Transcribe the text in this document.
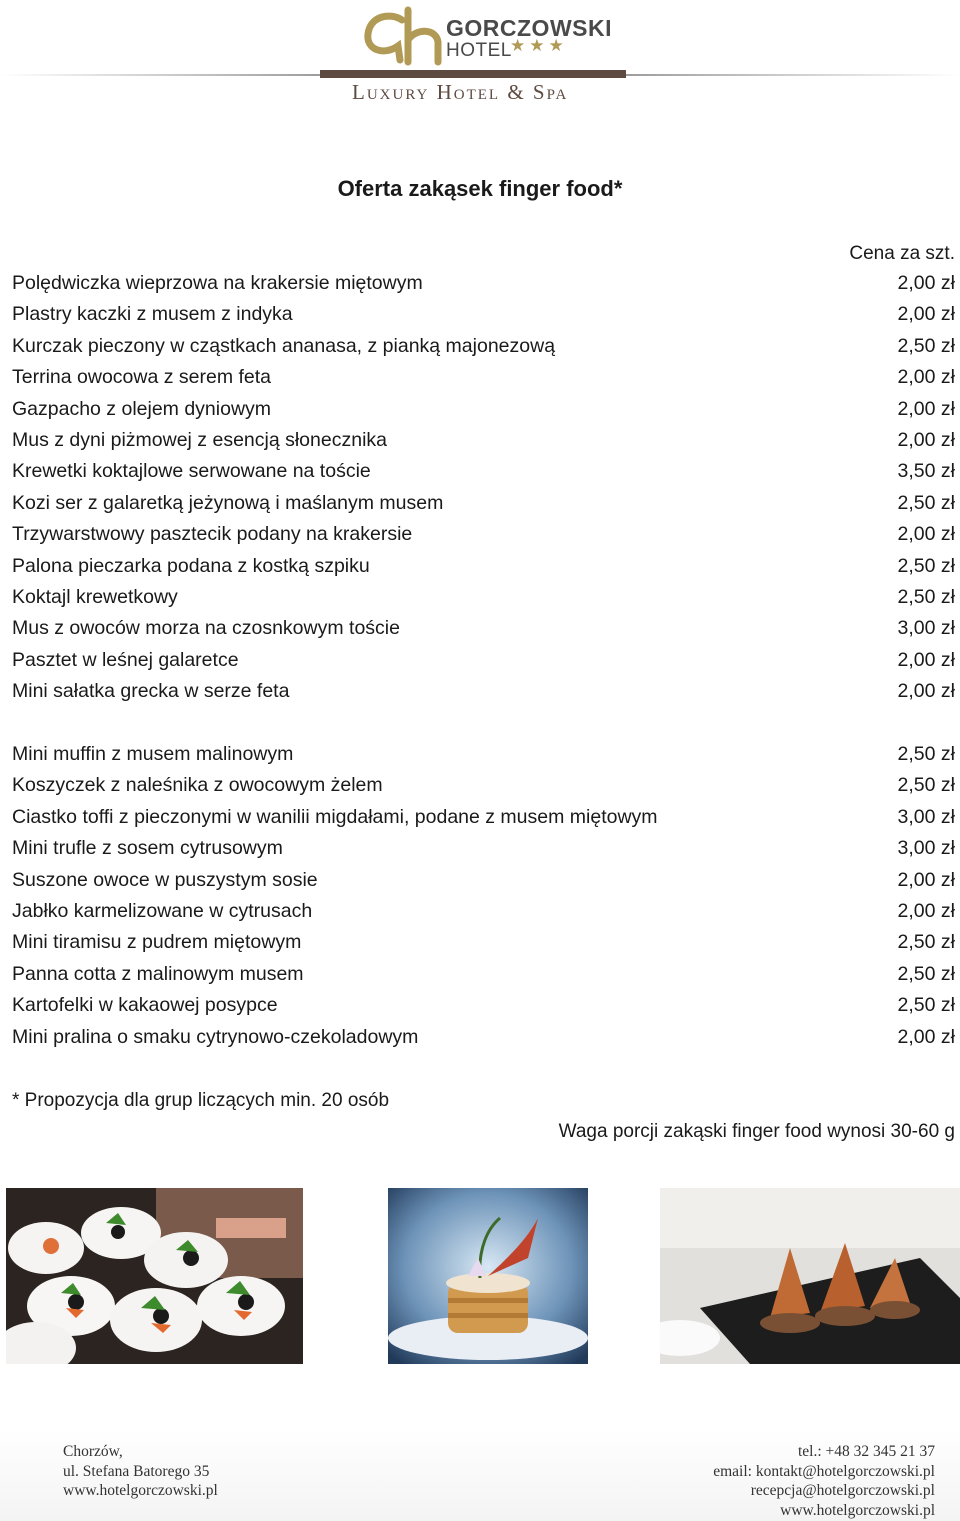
GORCZOWSKI
HOTEL
★★★
Luxury Hotel & Spa
Oferta zakąsek finger food*
Cena za szt.
Polędwiczka wieprzowa na krakersie miętowym	2,00 zł
Plastry kaczki z musem z indyka	2,00 zł
Kurczak pieczony w cząstkach ananasa, z pianką majonezową	2,50 zł
Terrina owocowa z serem feta	2,00 zł
Gazpacho z olejem dyniowym	2,00 zł
Mus z dyni piżmowej z esencją słonecznika	2,00 zł
Krewetki koktajlowe serwowane na toście	3,50 zł
Kozi ser z galaretką jeżynową i maślanym musem	2,50 zł
Trzywarstwowy pasztecik podany na krakersie	2,00 zł
Palona pieczarka podana z kostką szpiku	2,50 zł
Koktajl krewetkowy	2,50 zł
Mus z owoców morza na czosnkowym toście	3,00 zł
Pasztet w leśnej galaretce	2,00 zł
Mini sałatka grecka w serze feta	2,00 zł
Mini muffin z musem malinowym	2,50 zł
Koszyczek z naleśnika z owocowym żelem	2,50 zł
Ciastko toffi z pieczonymi w wanilii migdałami, podane z musem miętowym	3,00 zł
Mini trufle z sosem cytrusowym	3,00 zł
Suszone owoce w puszystym sosie	2,00 zł
Jabłko karmelizowane w cytrusach	2,00 zł
Mini tiramisu z pudrem miętowym	2,50 zł
Panna cotta z malinowym musem	2,50 zł
Kartofelki w kakaowej posypce	2,50 zł
Mini pralina o smaku cytrynowo-czekoladowym	2,00 zł
* Propozycja dla grup liczących min. 20 osób
Waga porcji zakąski finger food wynosi 30-60 g
Chorzów,
ul. Stefana Batorego 35
www.hotelgorczowski.pl
tel.: +48 32 345 21 37
email: kontakt@hotelgorczowski.pl
recepcja@hotelgorczowski.pl
www.hotelgorczowski.pl
